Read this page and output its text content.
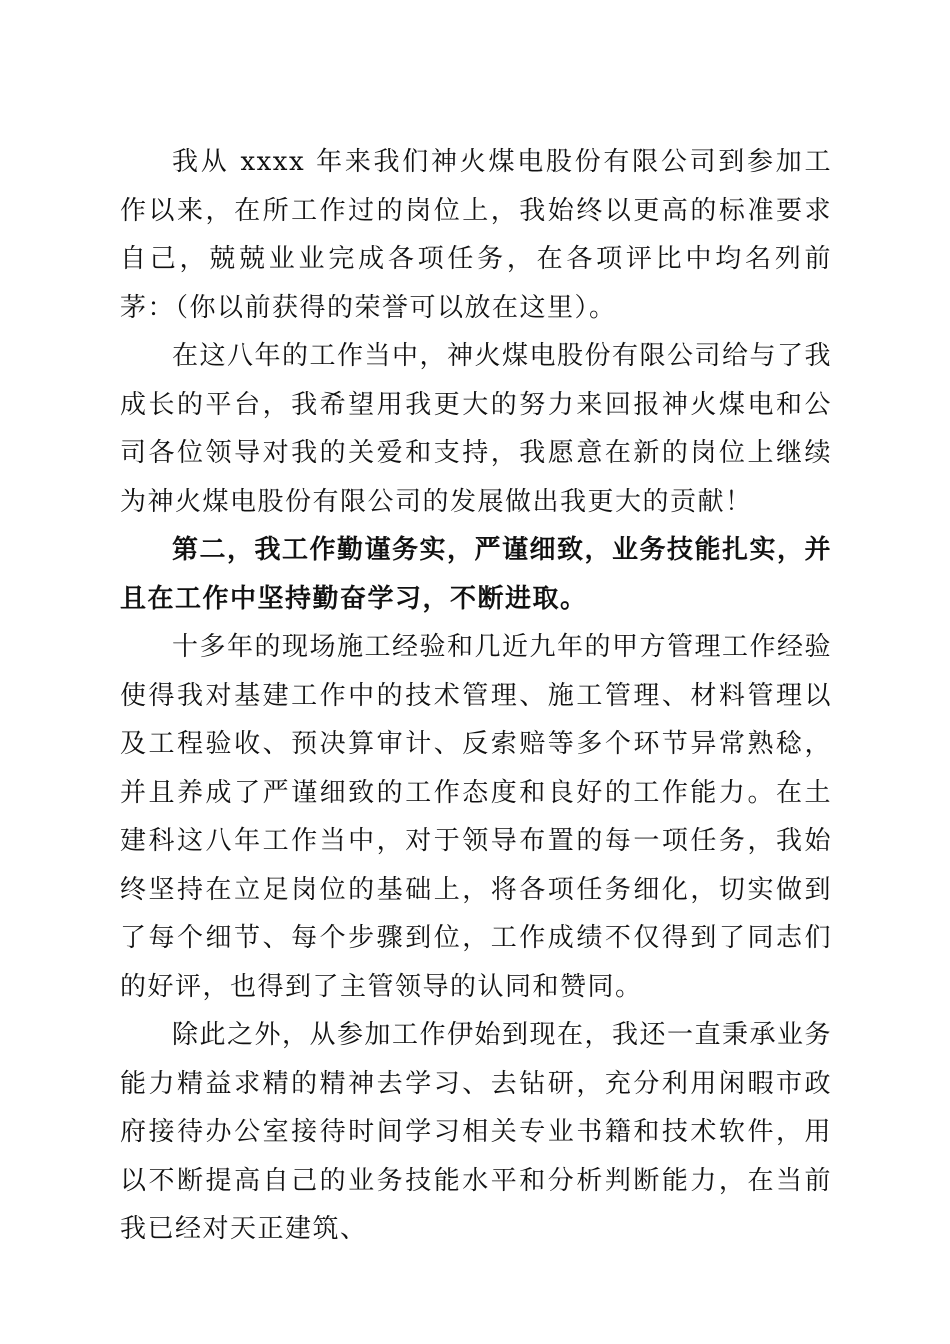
我从 xxxx 年来我们神火煤电股份有限公司到参加工作以来，在所工作过的岗位上，我始终以更高的标准要求自己，兢兢业业完成各项任务，在各项评比中均名列前茅：（你以前获得的荣誉可以放在这里）。

在这八年的工作当中，神火煤电股份有限公司给与了我成长的平台，我希望用我更大的努力来回报神火煤电和公司各位领导对我的关爱和支持，我愿意在新的岗位上继续为神火煤电股份有限公司的发展做出我更大的贡献！

第二，我工作勤谨务实，严谨细致，业务技能扎实，并且在工作中坚持勤奋学习，不断进取。

十多年的现场施工经验和几近九年的甲方管理工作经验使得我对基建工作中的技术管理、施工管理、材料管理以及工程验收、预决算审计、反索赔等多个环节异常熟稔，并且养成了严谨细致的工作态度和良好的工作能力。在土建科这八年工作当中，对于领导布置的每一项任务，我始终坚持在立足岗位的基础上，将各项任务细化，切实做到了每个细节、每个步骤到位，工作成绩不仅得到了同志们的好评，也得到了主管领导的认同和赞同。

除此之外，从参加工作伊始到现在，我还一直秉承业务能力精益求精的精神去学习、去钻研，充分利用闲暇市政府接待办公室接待时间学习相关专业书籍和技术软件，用以不断提高自己的业务技能水平和分析判断能力，在当前我已经对天正建筑、
